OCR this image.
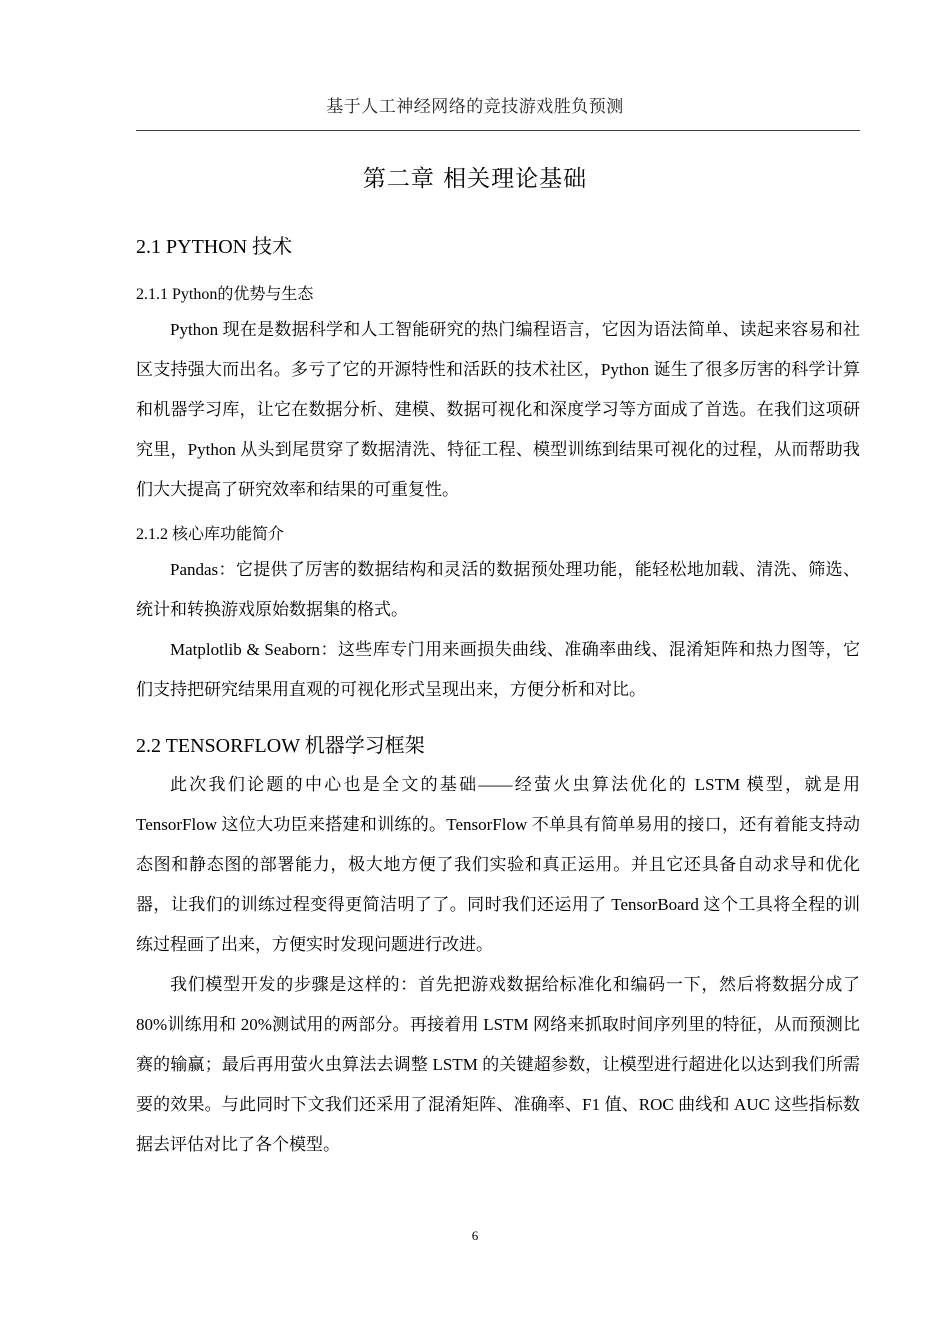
基于人工神经网络的竞技游戏胜负预测
第二章 相关理论基础
2.1 PYTHON 技术
2.1.1 Python的优势与生态

Python 现在是数据科学和人工智能研究的热门编程语言，它因为语法简单、读起来容易和社区支持强大而出名。多亏了它的开源特性和活跃的技术社区，Python 诞生了很多厉害的科学计算和机器学习库，让它在数据分析、建模、数据可视化和深度学习等方面成了首选。在我们这项研究里，Python 从头到尾贯穿了数据清洗、特征工程、模型训练到结果可视化的过程，从而帮助我们大大提高了研究效率和结果的可重复性。

2.1.2 核心库功能简介

Pandas：它提供了厉害的数据结构和灵活的数据预处理功能，能轻松地加载、清洗、筛选、统计和转换游戏原始数据集的格式。

Matplotlib & Seaborn：这些库专门用来画损失曲线、准确率曲线、混淆矩阵和热力图等，它们支持把研究结果用直观的可视化形式呈现出来，方便分析和对比。

2.2 TENSORFLOW 机器学习框架

此次我们论题的中心也是全文的基础——经萤火虫算法优化的 LSTM 模型，就是用 TensorFlow 这位大功臣来搭建和训练的。TensorFlow 不单具有简单易用的接口，还有着能支持动态图和静态图的部署能力，极大地方便了我们实验和真正运用。并且它还具备自动求导和优化器，让我们的训练过程变得更简洁明了了。同时我们还运用了 TensorBoard 这个工具将全程的训练过程画了出来，方便实时发现问题进行改进。

我们模型开发的步骤是这样的：首先把游戏数据给标准化和编码一下，然后将数据分成了 80%训练用和 20%测试用的两部分。再接着用 LSTM 网络来抓取时间序列里的特征，从而预测比赛的输赢；最后再用萤火虫算法去调整 LSTM 的关键超参数，让模型进行超进化以达到我们所需要的效果。与此同时下文我们还采用了混淆矩阵、准确率、F1 值、ROC 曲线和 AUC 这些指标数据去评估对比了各个模型。

6
